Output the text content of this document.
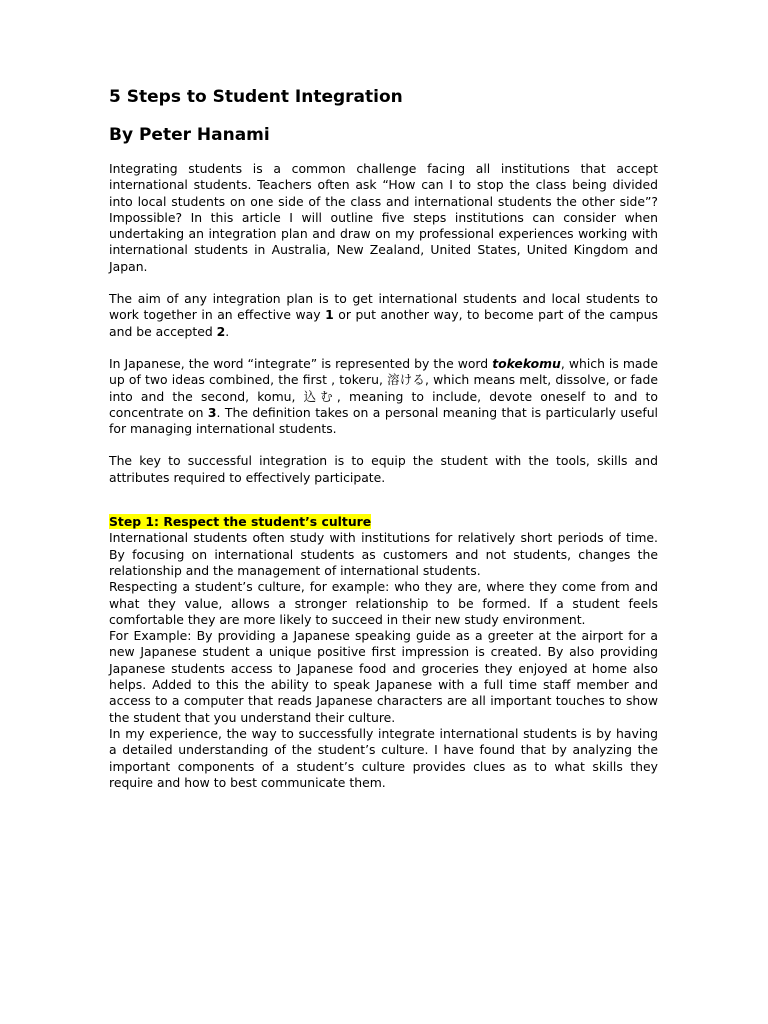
5 Steps to Student Integration
By Peter Hanami

Integrating students is a common challenge facing all institutions that accept international students. Teachers often ask “How can I to stop the class being divided into local students on one side of the class and international students the other side”? Impossible? In this article I will outline five steps institutions can consider when undertaking an integration plan and draw on my professional experiences working with international students in Australia, New Zealand, United States, United Kingdom and Japan.

The aim of any integration plan is to get international students and local students to work together in an effective way 1 or put another way, to become part of the campus and be accepted 2.

In Japanese, the word “integrate” is represented by the word tokekomu, which is made up of two ideas combined, the first , tokeru, 溶ける, which means melt, dissolve, or fade into and the second, komu, 込む, meaning to include, devote oneself to and to concentrate on 3. The definition takes on a personal meaning that is particularly useful for managing international students.

The key to successful integration is to equip the student with the tools, skills and attributes required to effectively participate.

Step 1: Respect the student’s culture

International students often study with institutions for relatively short periods of time. By focusing on international students as customers and not students, changes the relationship and the management of international students.

Respecting a student’s culture, for example: who they are, where they come from and what they value, allows a stronger relationship to be formed. If a student feels comfortable they are more likely to succeed in their new study environment.

For Example: By providing a Japanese speaking guide as a greeter at the airport for a new Japanese student a unique positive first impression is created. By also providing Japanese students access to Japanese food and groceries they enjoyed at home also helps. Added to this the ability to speak Japanese with a full time staff member and access to a computer that reads Japanese characters are all important touches to show the student that you understand their culture.

In my experience, the way to successfully integrate international students is by having a detailed understanding of the student’s culture. I have found that by analyzing the important components of a student’s culture provides clues as to what skills they require and how to best communicate them.
